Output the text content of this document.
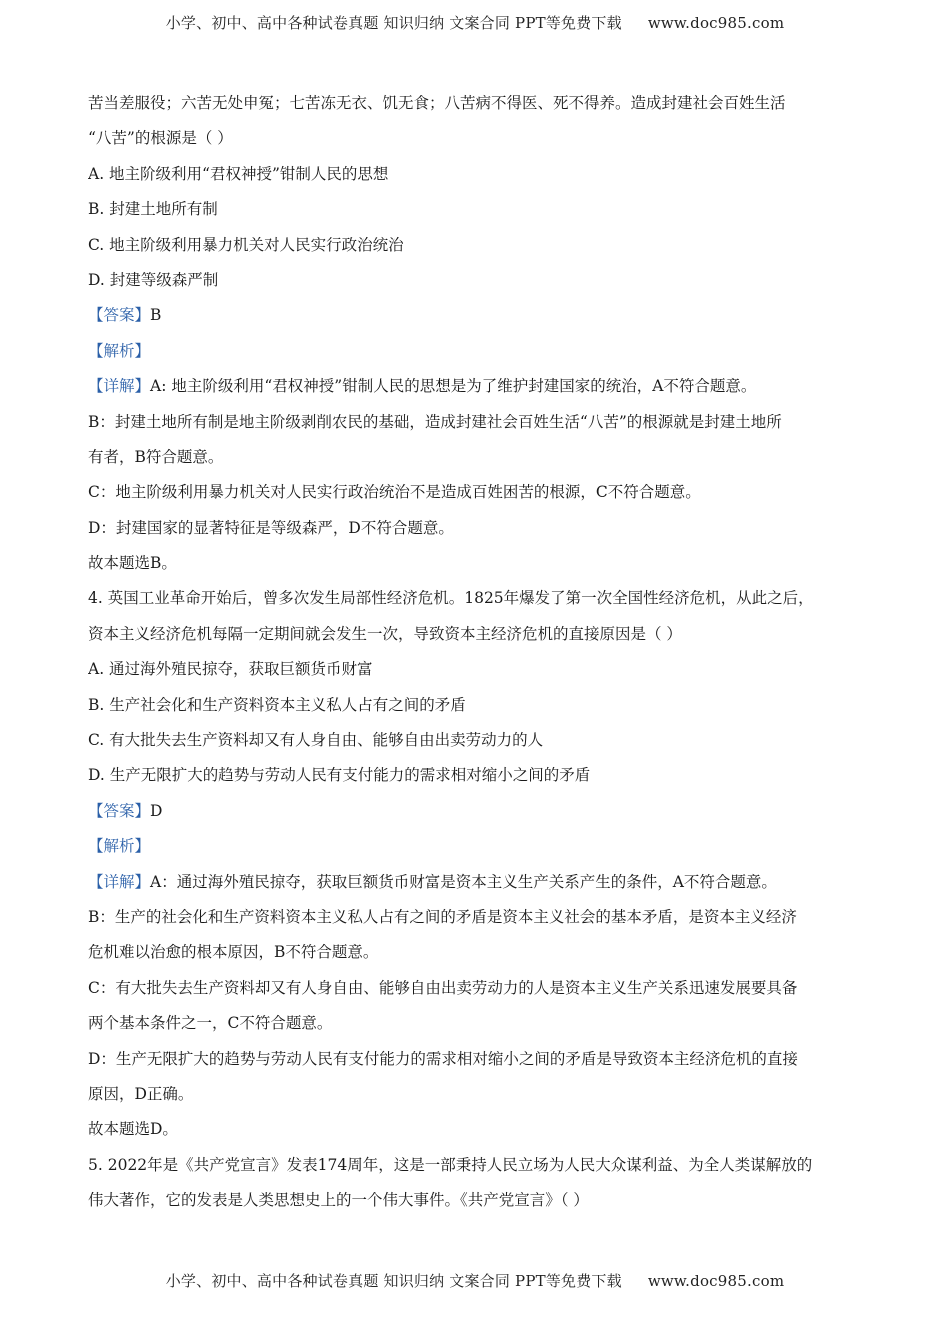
小学、初中、高中各种试卷真题 知识归纳 文案合同 PPT等免费下载 www.doc985.com
苦当差服役；六苦无处申冤；七苦冻无衣、饥无食；八苦病不得医、死不得养。造成封建社会百姓生活
“八苦”的根源是（ ）
A. 地主阶级利用“君权神授”钳制人民的思想
B. 封建土地所有制
C. 地主阶级利用暴力机关对人民实行政治统治
D. 封建等级森严制
【答案】B
【解析】
【详解】A: 地主阶级利用“君权神授”钳制人民的思想是为了维护封建国家的统治，A不符合题意。
B：封建土地所有制是地主阶级剥削农民的基础，造成封建社会百姓生活“八苦”的根源就是封建土地所
有者，B符合题意。
C：地主阶级利用暴力机关对人民实行政治统治不是造成百姓困苦的根源，C不符合题意。
D：封建国家的显著特征是等级森严，D不符合题意。
故本题选B。
4. 英国工业革命开始后，曾多次发生局部性经济危机。1825年爆发了第一次全国性经济危机，从此之后，
资本主义经济危机每隔一定期间就会发生一次，导致资本主经济危机的直接原因是（ ）
A. 通过海外殖民掠夺，获取巨额货币财富
B. 生产社会化和生产资料资本主义私人占有之间的矛盾
C. 有大批失去生产资料却又有人身自由、能够自由出卖劳动力的人
D. 生产无限扩大的趋势与劳动人民有支付能力的需求相对缩小之间的矛盾
【答案】D
【解析】
【详解】A：通过海外殖民掠夺，获取巨额货币财富是资本主义生产关系产生的条件，A不符合题意。
B：生产的社会化和生产资料资本主义私人占有之间的矛盾是资本主义社会的基本矛盾，是资本主义经济
危机难以治愈的根本原因，B不符合题意。
C：有大批失去生产资料却又有人身自由、能够自由出卖劳动力的人是资本主义生产关系迅速发展要具备
两个基本条件之一，C不符合题意。
D：生产无限扩大的趋势与劳动人民有支付能力的需求相对缩小之间的矛盾是导致资本主经济危机的直接
原因，D正确。
故本题选D。
5. 2022年是《共产党宣言》发表174周年，这是一部秉持人民立场为人民大众谋利益、为全人类谋解放的
伟大著作，它的发表是人类思想史上的一个伟大事件。《共产党宣言》（ ）
小学、初中、高中各种试卷真题 知识归纳 文案合同 PPT等免费下载 www.doc985.com
